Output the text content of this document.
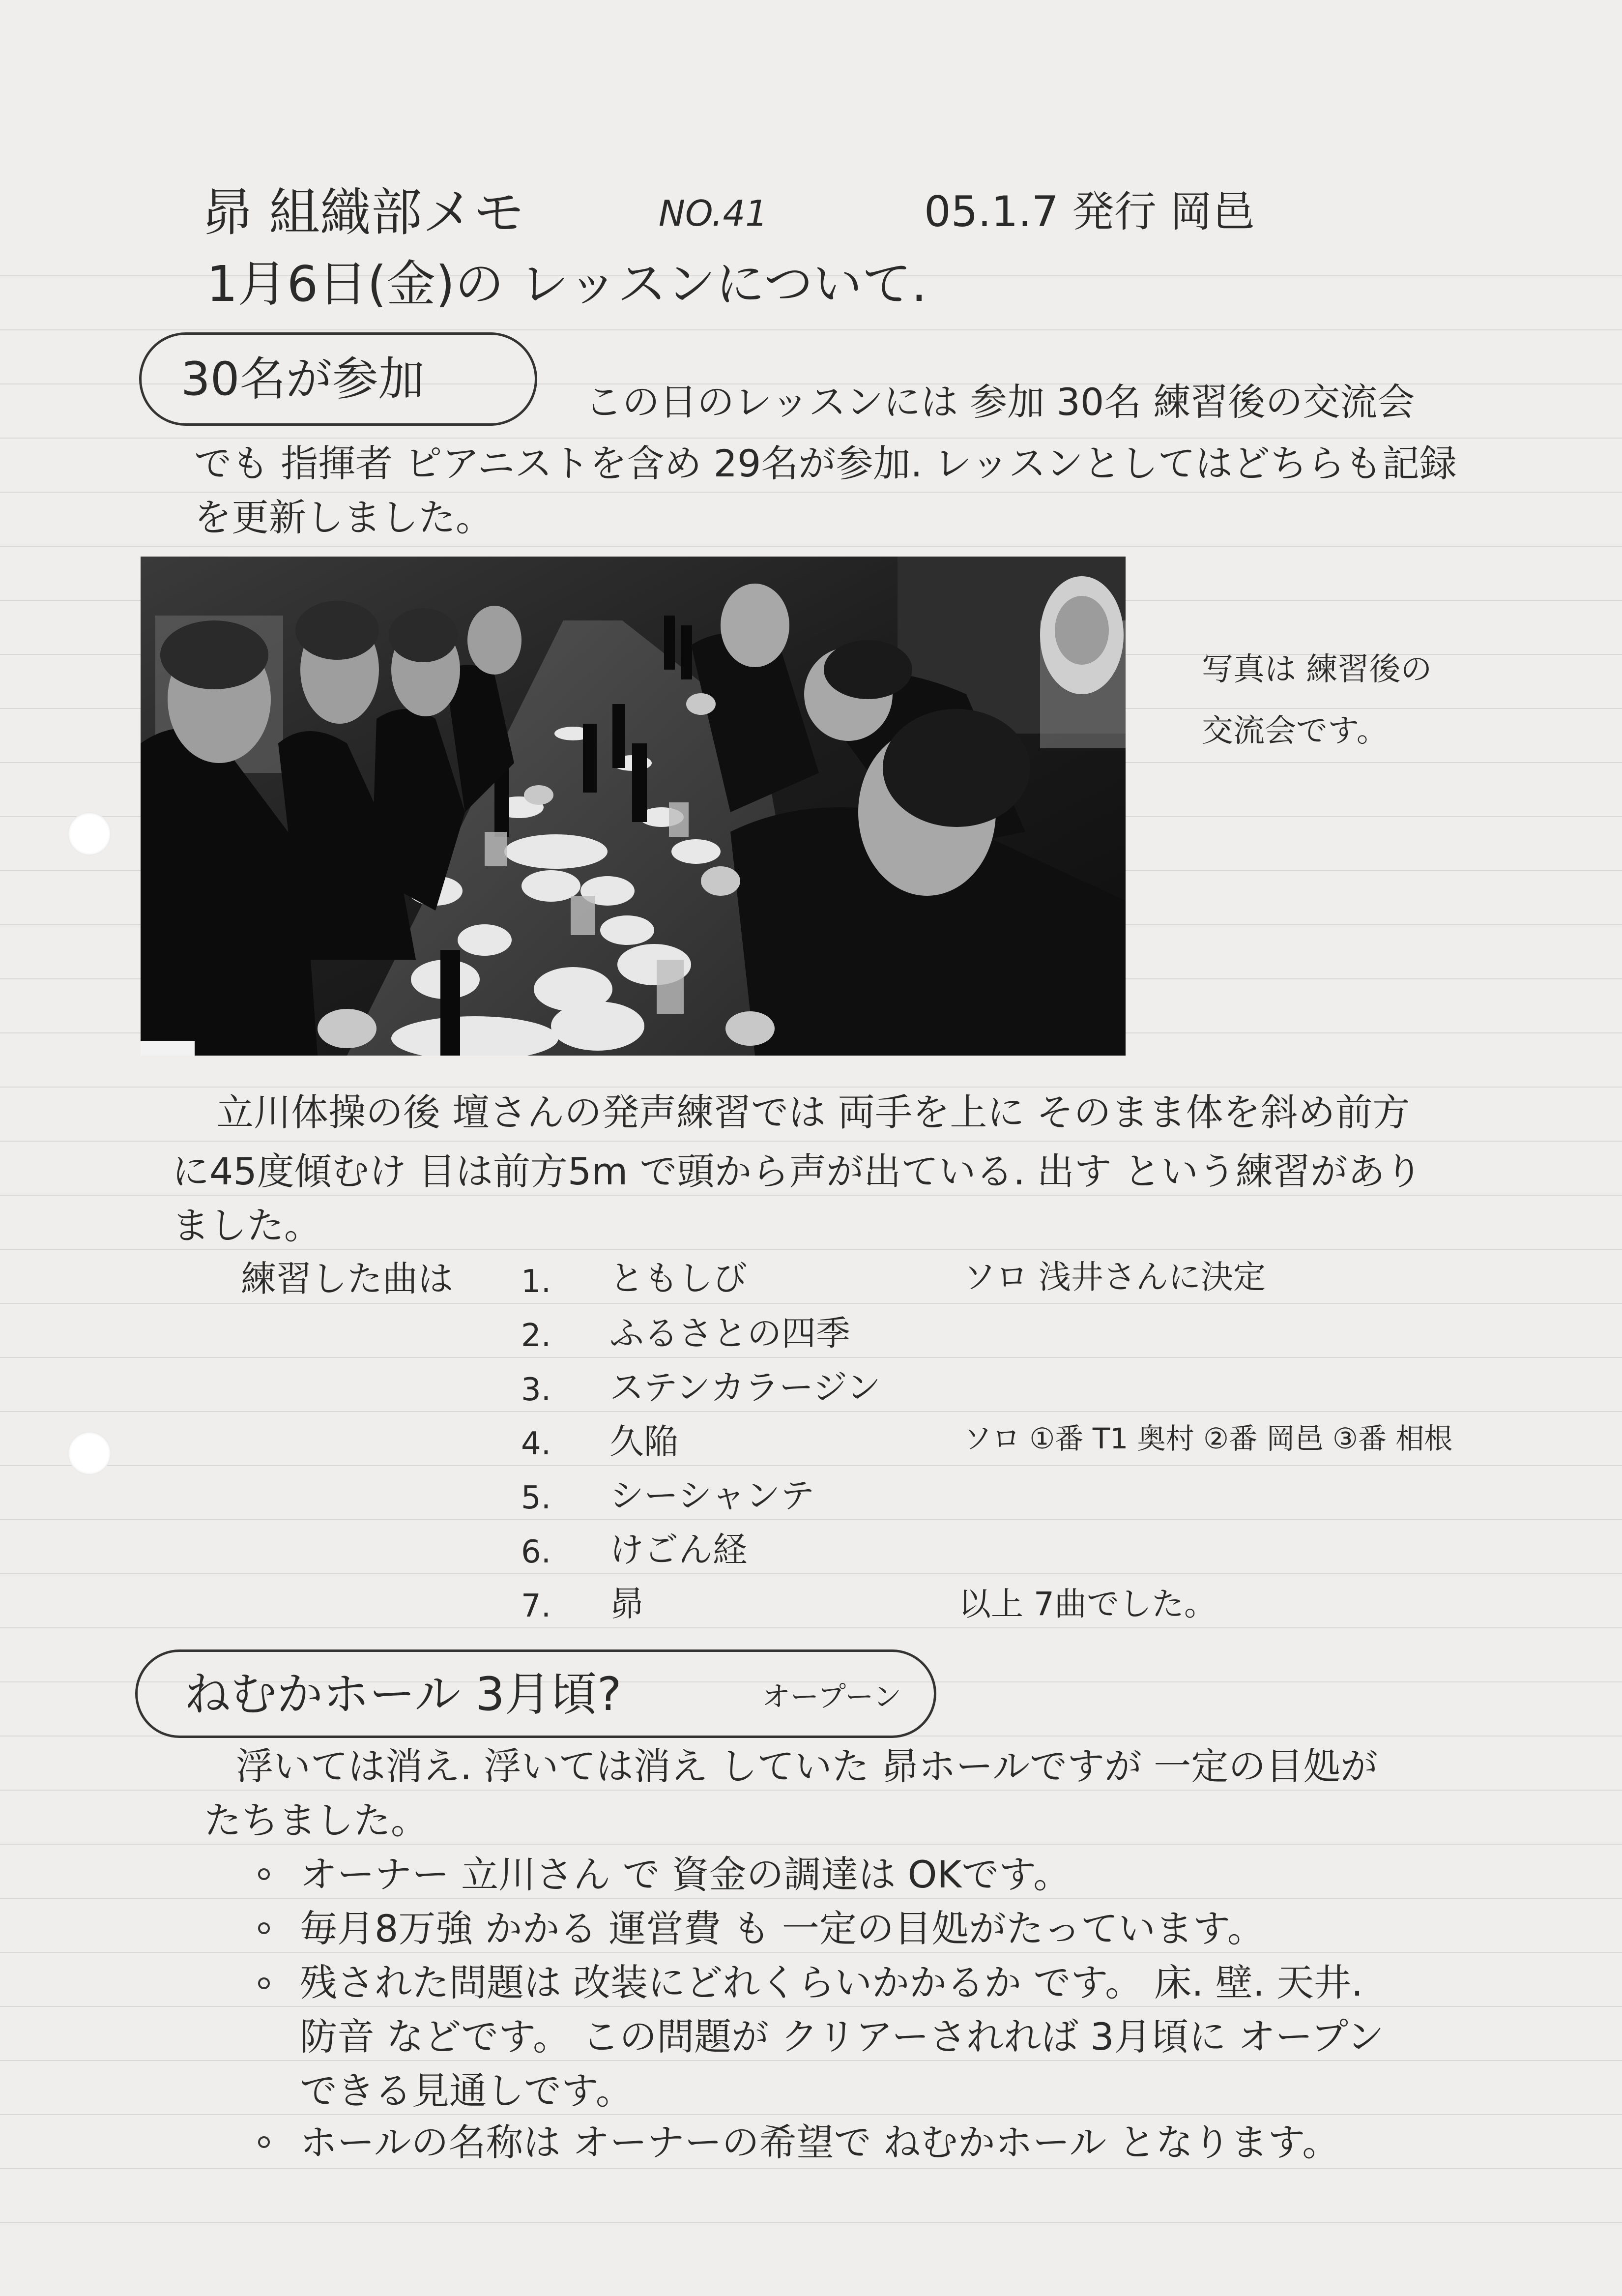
昴 組織部メモ	NO.41	05.1.7 発行 岡邑
1月6日(金)の レッスンについて.
30名が参加	この日のレッスンには 参加 30名 練習後の交流会
でも 指揮者 ピアニストを含め 29名が参加. レッスンとしてはどちらも記録
を更新しました。
写真は 練習後の
交流会です。
立川体操の後 壇さんの発声練習では 両手を上に そのまま体を斜め前方
に45度傾むけ 目は前方5m で頭から声が出ている. 出す という練習があり
ました。
練習した曲は 1. ともしび	ソロ 浅井さんに決定
2. ふるさとの四季
3. ステンカラージン
4. 久陥	ソロ ①番 T1 奥村 ②番 岡邑 ③番 相根
5. シーシャンテ
6. けごん経
7. 昴	以上 7曲でした。
ねむかホール 3月頃?	オープーン
浮いては消え. 浮いては消え していた 昴ホールですが 一定の目処が
たちました。
オーナー 立川さん で 資金の調達は OKです。
毎月8万強 かかる 運営費 も 一定の目処がたっています。
残された問題は 改装にどれくらいかかるか です。 床. 壁. 天井.
防音 などです。 この問題が クリアーされれば 3月頃に オープン
できる見通しです。
ホールの名称は オーナーの希望で ねむかホール となります。
